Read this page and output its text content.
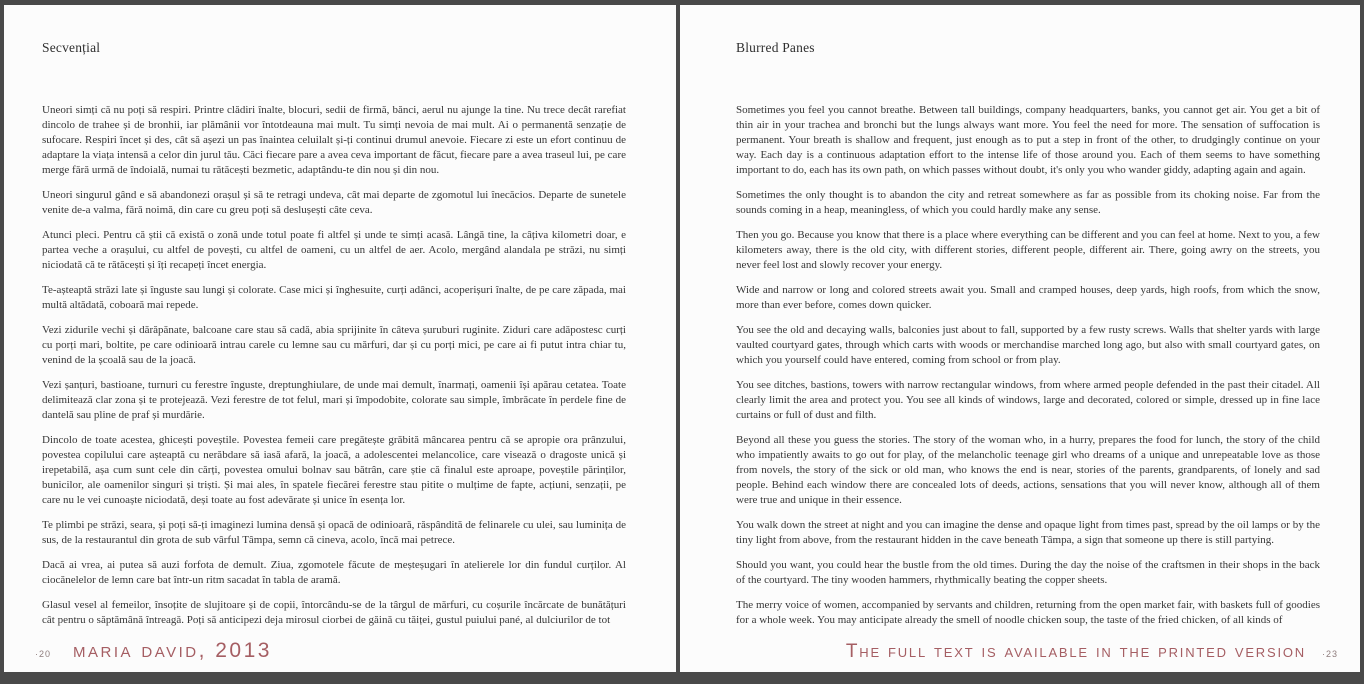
Secvențial

Uneori simți că nu poți să respiri. Printre clădiri înalte, blocuri, sedii de firmă, bănci, aerul nu ajunge la tine. Nu trece decât rarefiat dincolo de trahee și de bronhii, iar plămânii vor întotdeauna mai mult. Tu simți nevoia de mai mult. Ai o permanentă senzație de sufocare. Respiri încet și des, cât să așezi un pas înaintea celuilalt și-ți continui drumul anevoie. Fiecare zi este un efort continuu de adaptare la viața intensă a celor din jurul tău. Căci fiecare pare a avea ceva important de făcut, fiecare pare a avea traseul lui, pe care merge fără urmă de îndoială, numai tu rătăcești bezmetic, adaptându-te din nou și din nou.

Uneori singurul gând e să abandonezi orașul și să te retragi undeva, cât mai departe de zgomotul lui înecăcios. Departe de sunetele venite de-a valma, fără noimă, din care cu greu poți să deslușești câte ceva.

Atunci pleci. Pentru că știi că există o zonă unde totul poate fi altfel și unde te simți acasă. Lângă tine, la câțiva kilometri doar, e partea veche a orașului, cu altfel de povești, cu altfel de oameni, cu un altfel de aer. Acolo, mergând alandala pe străzi, nu simți niciodată că te rătăcești și îți recapeți încet energia.

Te-așteaptă străzi late și înguste sau lungi și colorate. Case mici și înghesuite, curți adânci, acoperișuri înalte, de pe care zăpada, mai multă altădată, coboară mai repede.

Vezi zidurile vechi și dărăpănate, balcoane care stau să cadă, abia sprijinite în câteva șuruburi ruginite. Ziduri care adăpostesc curți cu porți mari, boltite, pe care odinioară intrau carele cu lemne sau cu mărfuri, dar și cu porți mici, pe care ai fi putut intra chiar tu, venind de la școală sau de la joacă.

Vezi șanțuri, bastioane, turnuri cu ferestre înguste, dreptunghiulare, de unde mai demult, înarmați, oamenii își apărau cetatea. Toate delimitează clar zona și te protejează. Vezi ferestre de tot felul, mari și împodobite, colorate sau simple, îmbrăcate în perdele fine de dantelă sau pline de praf și murdărie.

Dincolo de toate acestea, ghicești poveștile. Povestea femeii care pregătește grăbită mâncarea pentru că se apropie ora prânzului, povestea copilului care așteaptă cu nerăbdare să iasă afară, la joacă, a adolescentei melancolice, care visează o dragoste unică și irepetabilă, așa cum sunt cele din cărți, povestea omului bolnav sau bătrân, care știe că finalul este aproape, poveștile părinților, bunicilor, ale oamenilor singuri și triști. Și mai ales, în spatele fiecărei ferestre stau pitite o mulțime de fapte, acțiuni, senzații, pe care nu le vei cunoaște niciodată, deși toate au fost adevărate și unice în esența lor.

Te plimbi pe străzi, seara, și poți să-ți imaginezi lumina densă și opacă de odinioară, răspândită de felinarele cu ulei, sau luminița de sus, de la restaurantul din grota de sub vârful Tâmpa, semn că cineva, acolo, încă mai petrece.

Dacă ai vrea, ai putea să auzi forfota de demult. Ziua, zgomotele făcute de meșteșugari în atelierele lor din fundul curților. Al ciocănelelor de lemn care bat într-un ritm sacadat în tabla de aramă.

Glasul vesel al femeilor, însoțite de slujitoare și de copii, întorcându-se de la târgul de mărfuri, cu coșurile încărcate de bunătățuri cât pentru o săptămână întreagă. Poți să anticipezi deja mirosul ciorbei de găină cu tăiței, gustul puiului pané, al dulciurilor de tot

·20 maria david, 2013
Blurred Panes

Sometimes you feel you cannot breathe. Between tall buildings, company headquarters, banks, you cannot get air. You get a bit of thin air in your trachea and bronchi but the lungs always want more. You feel the need for more. The sensation of suffocation is permanent. Your breath is shallow and frequent, just enough as to put a step in front of the other, to drudgingly continue on your way. Each day is a continuous adaptation effort to the intense life of those around you. Each of them seems to have something important to do, each has its own path, on which passes without doubt, it's only you who wander giddy, adapting again and again.

Sometimes the only thought is to abandon the city and retreat somewhere as far as possible from its choking noise. Far from the sounds coming in a heap, meaningless, of which you could hardly make any sense.

Then you go. Because you know that there is a place where everything can be different and you can feel at home. Next to you, a few kilometers away, there is the old city, with different stories, different people, different air. There, going awry on the streets, you never feel lost and slowly recover your energy.

Wide and narrow or long and colored streets await you. Small and cramped houses, deep yards, high roofs, from which the snow, more than ever before, comes down quicker.

You see the old and decaying walls, balconies just about to fall, supported by a few rusty screws. Walls that shelter yards with large vaulted courtyard gates, through which carts with woods or merchandise marched long ago, but also with small courtyard gates, on which you yourself could have entered, coming from school or from play.

You see ditches, bastions, towers with narrow rectangular windows, from where armed people defended in the past their citadel. All clearly limit the area and protect you. You see all kinds of windows, large and decorated, colored or simple, dressed up in fine lace curtains or full of dust and filth.

Beyond all these you guess the stories. The story of the woman who, in a hurry, prepares the food for lunch, the story of the child who impatiently awaits to go out for play, of the melancholic teenage girl who dreams of a unique and unrepeatable love as those from novels, the story of the sick or old man, who knows the end is near, stories of the parents, grandparents, of lonely and sad people. Behind each window there are concealed lots of deeds, actions, sensations that you will never know, although all of them were true and unique in their essence.

You walk down the street at night and you can imagine the dense and opaque light from times past, spread by the oil lamps or by the tiny light from above, from the restaurant hidden in the cave beneath Tâmpa, a sign that someone up there is still partying.

Should you want, you could hear the bustle from the old times. During the day the noise of the craftsmen in their shops in the back of the courtyard. The tiny wooden hammers, rhythmically beating the copper sheets.

The merry voice of women, accompanied by servants and children, returning from the open market fair, with baskets full of goodies for a whole week. You may anticipate already the smell of noodle chicken soup, the taste of the fried chicken, of all kinds of

The full text is available in the printed version ·23
